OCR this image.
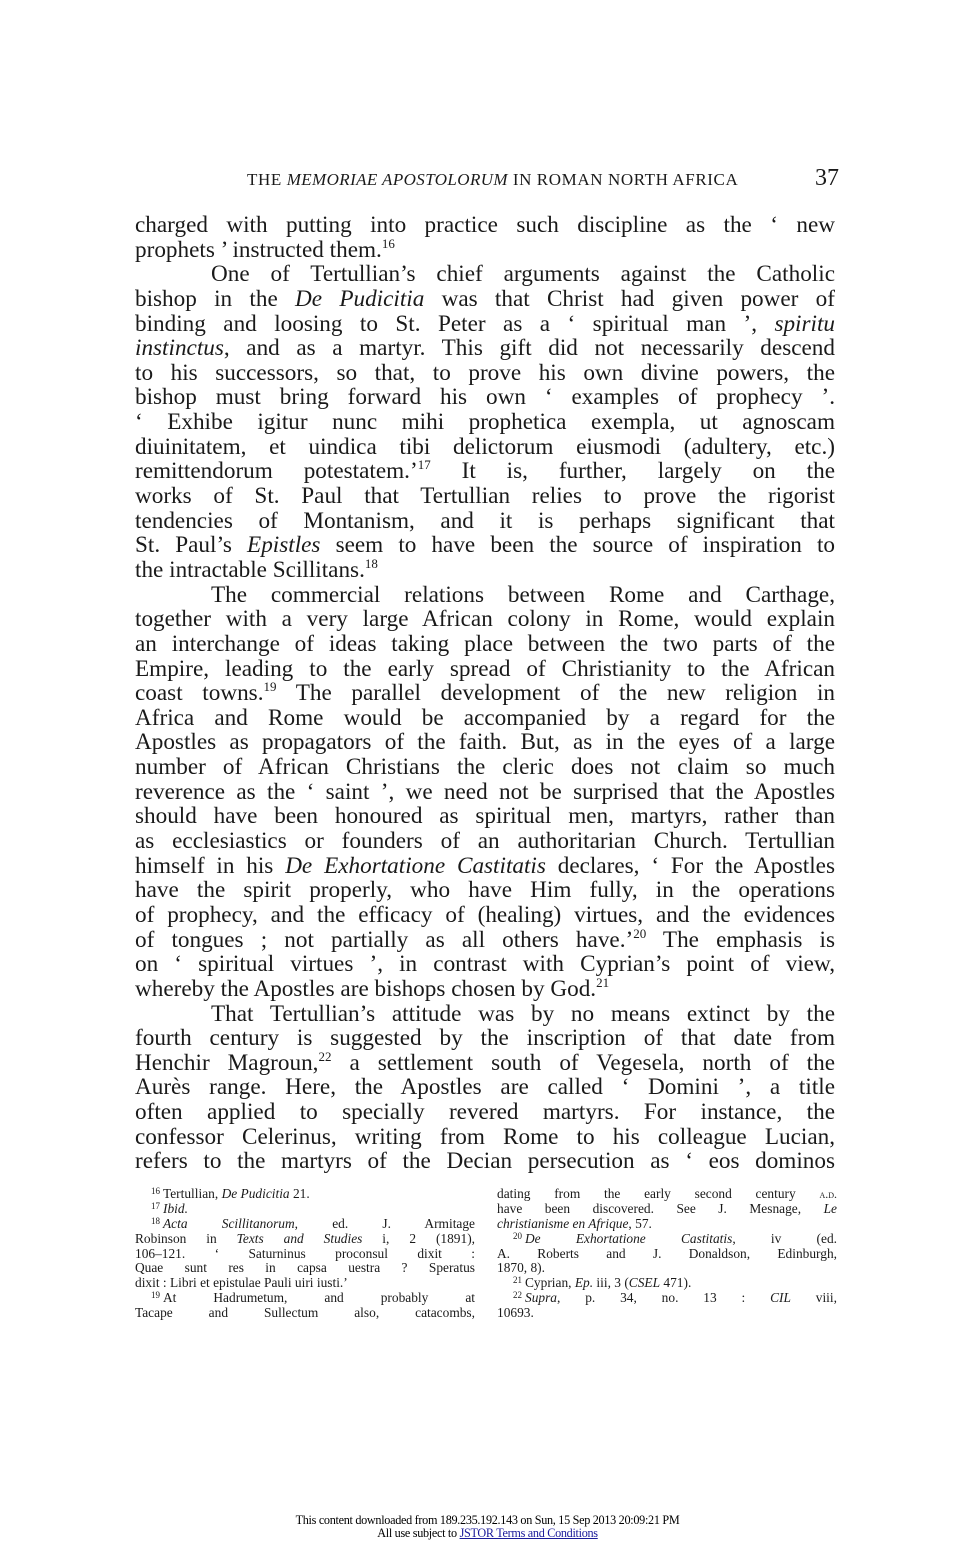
THE MEMORIAE APOSTOLORUM IN ROMAN NORTH AFRICA	37
charged with putting into practice such discipline as the ‘ new
prophets ’ instructed them.$^{16}$
One of Tertullian’s chief arguments against the Catholic
bishop in the De Pudicitia was that Christ had given power of
binding and loosing to St. Peter as a ‘ spiritual man ’, spiritu
instinctus, and as a martyr. This gift did not necessarily descend
to his successors, so that, to prove his own divine powers, the
bishop must bring forward his own ‘ examples of prophecy ’.
‘ Exhibe igitur nunc mihi prophetica exempla, ut agnoscam
diuinitatem, et uindica tibi delictorum eiusmodi (adultery, etc.)
remittendorum potestatem.’$^{17}$ It is, further, largely on the
works of St. Paul that Tertullian relies to prove the rigorist
tendencies of Montanism, and it is perhaps significant that
St. Paul’s Epistles seem to have been the source of inspiration to
the intractable Scillitans.$^{18}$
The commercial relations between Rome and Carthage,
together with a very large African colony in Rome, would explain
an interchange of ideas taking place between the two parts of the
Empire, leading to the early spread of Christianity to the African
coast towns.$^{19}$ The parallel development of the new religion in
Africa and Rome would be accompanied by a regard for the
Apostles as propagators of the faith. But, as in the eyes of a large
number of African Christians the cleric does not claim so much
reverence as the ‘ saint ’, we need not be surprised that the Apostles
should have been honoured as spiritual men, martyrs, rather than
as ecclesiastics or founders of an authoritarian Church. Tertullian
himself in his De Exhortatione Castitatis declares, ‘ For the Apostles
have the spirit properly, who have Him fully, in the operations
of prophecy, and the efficacy of (healing) virtues, and the evidences
of tongues ; not partially as all others have.’$^{20}$ The emphasis is
on ‘ spiritual virtues ’, in contrast with Cyprian’s point of view,
whereby the Apostles are bishops chosen by God.$^{21}$
That Tertullian’s attitude was by no means extinct by the
fourth century is suggested by the inscription of that date from
Henchir Magroun,$^{22}$ a settlement south of Vegesela, north of the
Aurès range. Here, the Apostles are called ‘ Domini ’, a title
often applied to specially revered martyrs. For instance, the
confessor Celerinus, writing from Rome to his colleague Lucian,
refers to the martyrs of the Decian persecution as ‘ eos dominos
$^{16}$ Tertullian, De Pudicitia 21.
$^{17}$ Ibid.
$^{18}$ Acta Scillitanorum, ed. J. Armitage
Robinson in Texts and Studies i, 2 (1891),
106–121. ‘ Saturninus proconsul dixit :
Quae sunt res in capsa uestra ? Speratus
dixit : Libri et epistulae Pauli uiri iusti.’
$^{19}$ At Hadrumetum, and probably at
Tacape and Sullectum also, catacombs,
dating from the early second century a.d.
have been discovered. See J. Mesnage, Le
christianisme en Afrique, 57.
$^{20}$ De Exhortatione Castitatis, iv (ed.
A. Roberts and J. Donaldson, Edinburgh,
1870, 8).
$^{21}$ Cyprian, Ep. iii, 3 (CSEL 471).
$^{22}$ Supra, p. 34, no. 13 : CIL viii,
10693.
This content downloaded from 189.235.192.143 on Sun, 15 Sep 2013 20:09:21 PM
All use subject to JSTOR Terms and Conditions
